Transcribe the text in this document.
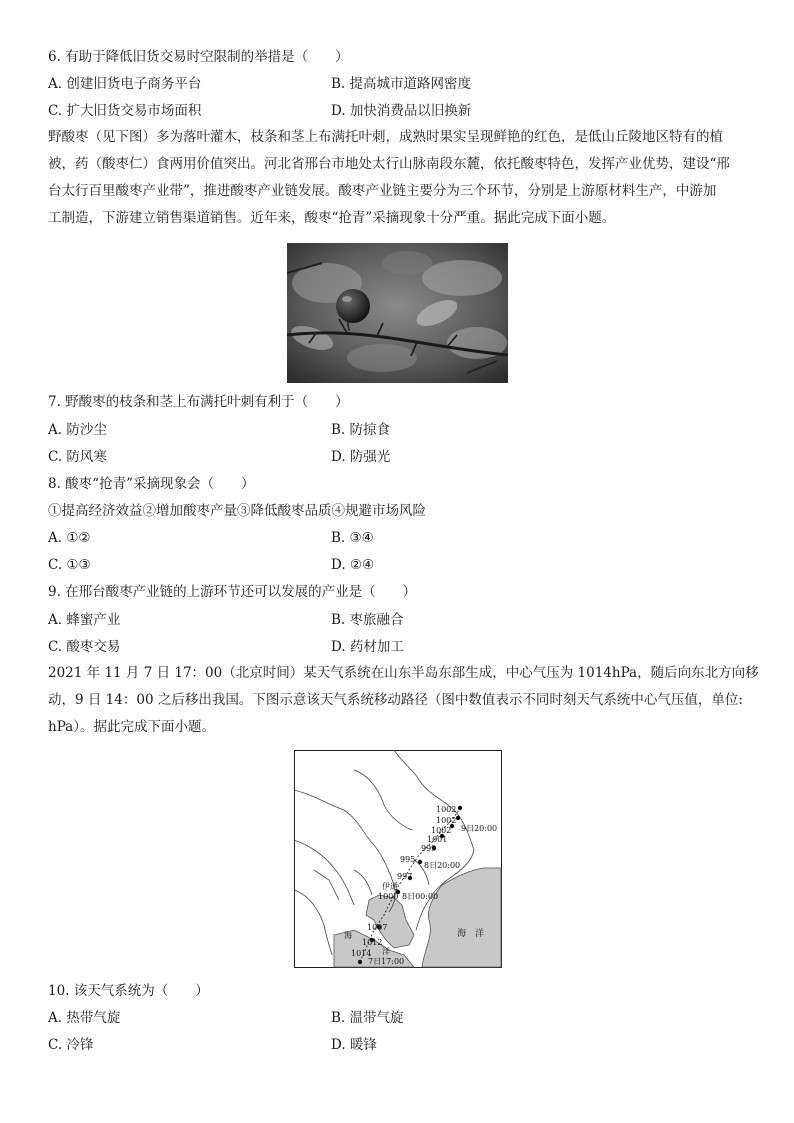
6. 有助于降低旧货交易时空限制的举措是（　　）
A. 创建旧货电子商务平台	B. 提高城市道路网密度
C. 扩大旧货交易市场面积	D. 加快消费品以旧换新
野酸枣（见下图）多为落叶灌木，枝条和茎上布满托叶刺，成熟时果实呈现鲜艳的红色，是低山丘陵地区特有的植
被，药（酸枣仁）食两用价值突出。河北省邢台市地处太行山脉南段东麓，依托酸枣特色，发挥产业优势，建设“邢
台太行百里酸枣产业带”，推进酸枣产业链发展。酸枣产业链主要分为三个环节，分别是上游原材料生产，中游加
工制造，下游建立销售渠道销售。近年来，酸枣“抢青”采摘现象十分严重。据此完成下面小题。
7. 野酸枣的枝条和茎上布满托叶刺有利于（　　）
A. 防沙尘	B. 防掠食
C. 防风寒	D. 防强光
8. 酸枣“抢青”采摘现象会（　　）
①提高经济效益②增加酸枣产量③降低酸枣品质④规避市场风险
A. ①②	B. ③④
C. ①③	D. ②④
9. 在邢台酸枣产业链的上游环节还可以发展的产业是（　　）
A. 蜂蜜产业	B. 枣旅融合
C. 酸枣交易	D. 药材加工
2021 年 11 月 7 日 17：00（北京时间）某天气系统在山东半岛东部生成，中心气压为 1014hPa，随后向东北方向移
动，9 日 14：00 之后移出我国。下图示意该天气系统移动路径（图中数值表示不同时刻天气系统中心气压值，单位:
hPa）。据此完成下面小题。
1002
1002
1002 9日20:00
1001
999
995
8日20:00
997
伊通
1000 8日00:00
1007
1012
1014
7日17:00
海
洋
海　洋
10. 该天气系统为（　　）
A. 热带气旋	B. 温带气旋
C. 冷锋	D. 暖锋
